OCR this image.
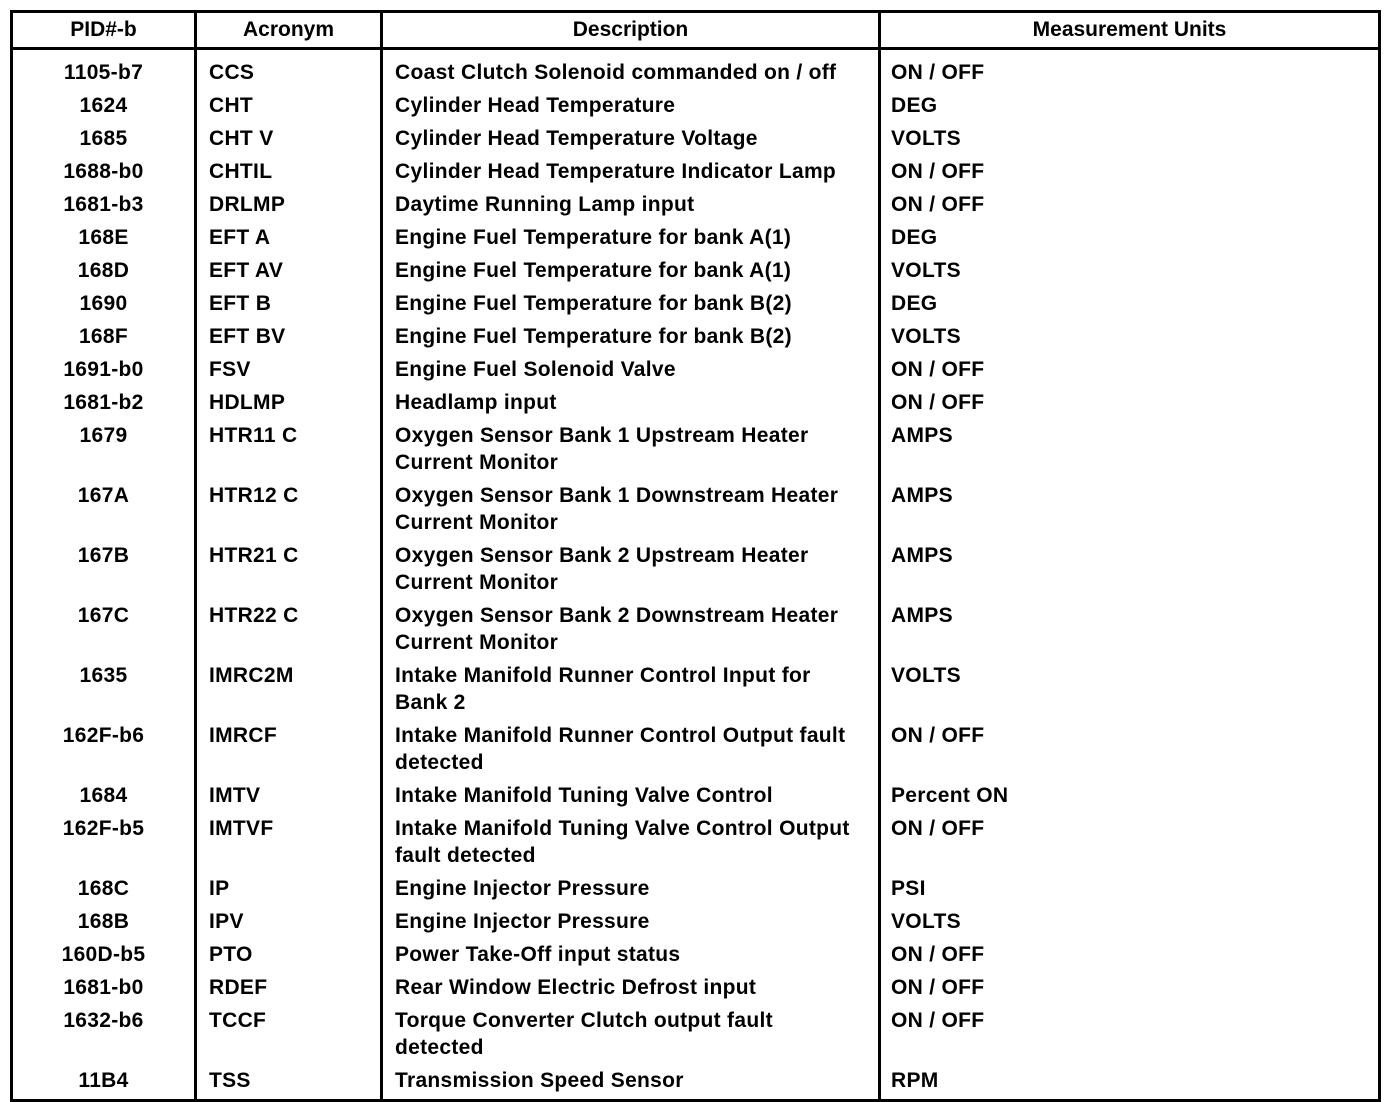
PID#-b	Acronym	Description	Measurement Units

1105-b7	CCS	Coast Clutch Solenoid commanded on / off	ON / OFF

1624	CHT	Cylinder Head Temperature	DEG

1685	CHT V	Cylinder Head Temperature Voltage	VOLTS

1688-b0	CHTIL	Cylinder Head Temperature Indicator Lamp	ON / OFF

1681-b3	DRLMP	Daytime Running Lamp input	ON / OFF

168E	EFT A	Engine Fuel Temperature for bank A(1)	DEG

168D	EFT AV	Engine Fuel Temperature for bank A(1)	VOLTS

1690	EFT B	Engine Fuel Temperature for bank B(2)	DEG

168F	EFT BV	Engine Fuel Temperature for bank B(2)	VOLTS

1691-b0	FSV	Engine Fuel Solenoid Valve	ON / OFF

1681-b2	HDLMP	Headlamp input	ON / OFF

1679	HTR11 C	Oxygen Sensor Bank 1 Upstream Heater Current Monitor	AMPS

167A	HTR12 C	Oxygen Sensor Bank 1 Downstream Heater Current Monitor	AMPS

167B	HTR21 C	Oxygen Sensor Bank 2 Upstream Heater Current Monitor	AMPS

167C	HTR22 C	Oxygen Sensor Bank 2 Downstream Heater Current Monitor	AMPS

1635	IMRC2M	Intake Manifold Runner Control Input for Bank 2	VOLTS

162F-b6	IMRCF	Intake Manifold Runner Control Output fault detected	ON / OFF

1684	IMTV	Intake Manifold Tuning Valve Control	Percent ON

162F-b5	IMTVF	Intake Manifold Tuning Valve Control Output fault detected	ON / OFF

168C	IP	Engine Injector Pressure	PSI

168B	IPV	Engine Injector Pressure	VOLTS

160D-b5	PTO	Power Take-Off input status	ON / OFF

1681-b0	RDEF	Rear Window Electric Defrost input	ON / OFF

1632-b6	TCCF	Torque Converter Clutch output fault detected	ON / OFF

11B4	TSS	Transmission Speed Sensor	RPM
